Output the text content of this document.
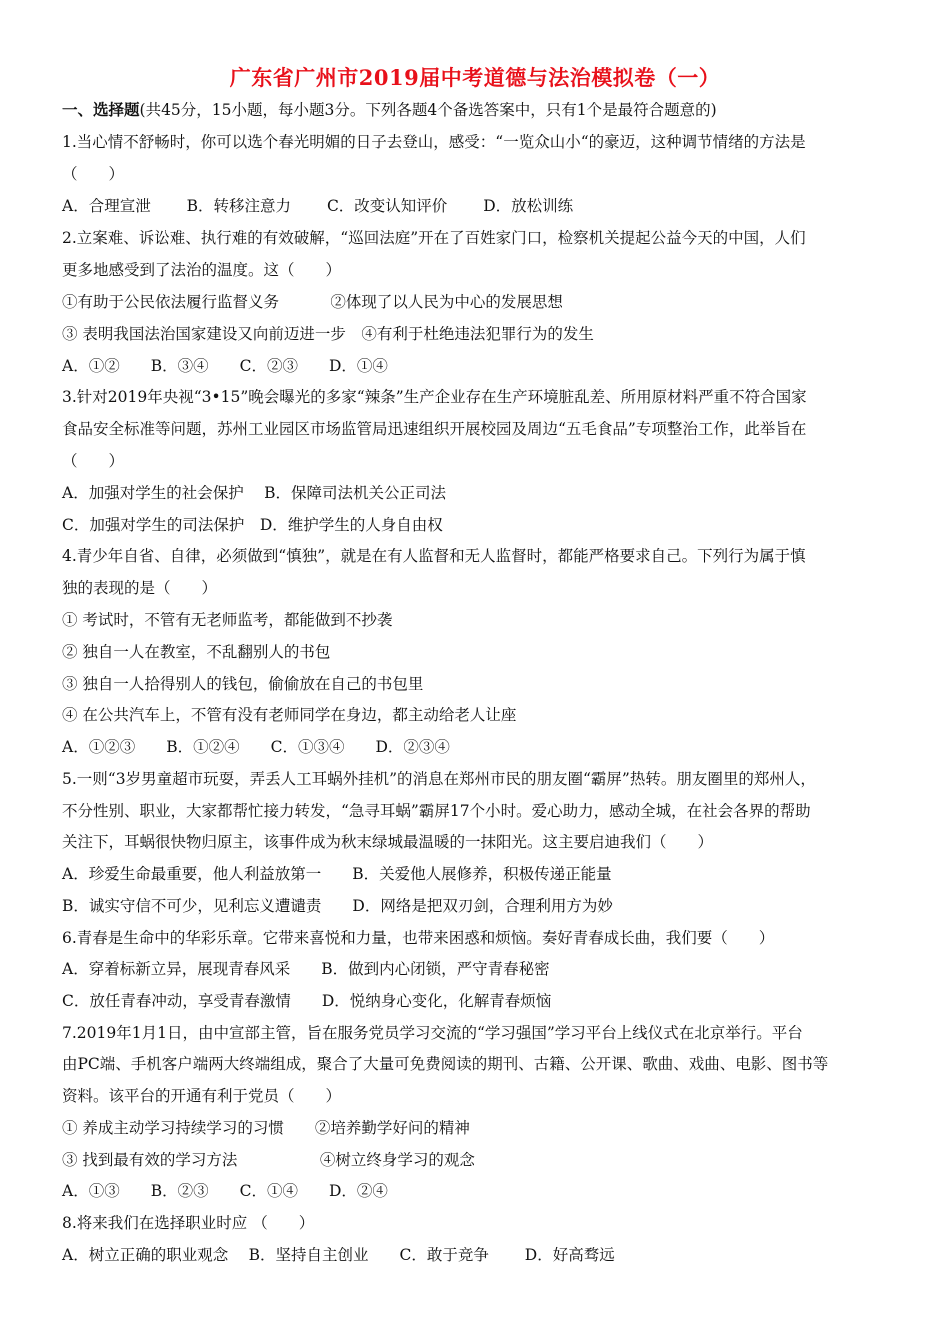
广东省广州市2019届中考道德与法治模拟卷（一）
一、选择题(共45分，15小题，每小题3分。下列各题4个备选答案中，只有1个是最符合题意的)
1.当心情不舒畅时，你可以选个春光明媚的日子去登山，感受：“一览众山小“的豪迈，这种调节情绪的方法是
（　　）
A．合理宣泄　　 B．转移注意力　　 C．改变认知评价　　 D．放松训练
2.立案难、诉讼难、执行难的有效破解，“巡回法庭”开在了百姓家门口，检察机关提起公益今天的中国，人们
更多地感受到了法治的温度。这（　　）
①有助于公民依法履行监督义务　　　 ②体现了以人民为中心的发展思想
③ 表明我国法治国家建设又向前迈进一步　④有利于杜绝违法犯罪行为的发生
A．①②　　B．③④　　C．②③　　D．①④
3.针对2019年央视“3•15”晚会曝光的多家“辣条”生产企业存在生产环境脏乱差、所用原材料严重不符合国家
食品安全标准等问题，苏州工业园区市场监管局迅速组织开展校园及周边“五毛食品”专项整治工作，此举旨在
（　　）
A．加强对学生的社会保护　 B．保障司法机关公正司法
C．加强对学生的司法保护　D．维护学生的人身自由权
4.青少年自省、自律，必须做到“慎独”，就是在有人监督和无人监督时，都能严格要求自己。下列行为属于慎
独的表现的是（　　）
① 考试时，不管有无老师监考，都能做到不抄袭
② 独自一人在教室，不乱翻别人的书包
③ 独自一人拾得别人的钱包，偷偷放在自己的书包里
④ 在公共汽车上，不管有没有老师同学在身边，都主动给老人让座
A．①②③　　B．①②④　　C．①③④　　D．②③④
5.一则“3岁男童超市玩耍，弄丢人工耳蜗外挂机”的消息在郑州市民的朋友圈“霸屏”热转。朋友圈里的郑州人，
不分性别、职业，大家都帮忙接力转发，“急寻耳蜗”霸屏17个小时。爱心助力，感动全城，在社会各界的帮助
关注下，耳蜗很快物归原主，该事件成为秋末绿城最温暖的一抹阳光。这主要启迪我们（　　）
A．珍爱生命最重要，他人利益放第一　　B．关爱他人展修养，积极传递正能量
B．诚实守信不可少，见利忘义遭谴责　　D．网络是把双刃剑，合理利用方为妙
6.青春是生命中的华彩乐章。它带来喜悦和力量，也带来困惑和烦恼。奏好青春成长曲，我们要（　　）
A．穿着标新立异，展现青春风采　　B．做到内心闭锁，严守青春秘密
C．放任青春冲动，享受青春激情　　D．悦纳身心变化，化解青春烦恼
7.2019年1月1日，由中宣部主管，旨在服务党员学习交流的“学习强国”学习平台上线仪式在北京举行。平台
由PC端、手机客户端两大终端组成，聚合了大量可免费阅读的期刊、古籍、公开课、歌曲、戏曲、电影、图书等
资料。该平台的开通有利于党员（　　）
① 养成主动学习持续学习的习惯　　②培养勤学好问的精神
③ 找到最有效的学习方法　　　　　 ④树立终身学习的观念
A．①③　　B．②③　　C．①④　　D．②④
8.将来我们在选择职业时应 （　　）
A．树立正确的职业观念　 B．坚持自主创业　　C．敢于竞争　　 D．好高骛远
